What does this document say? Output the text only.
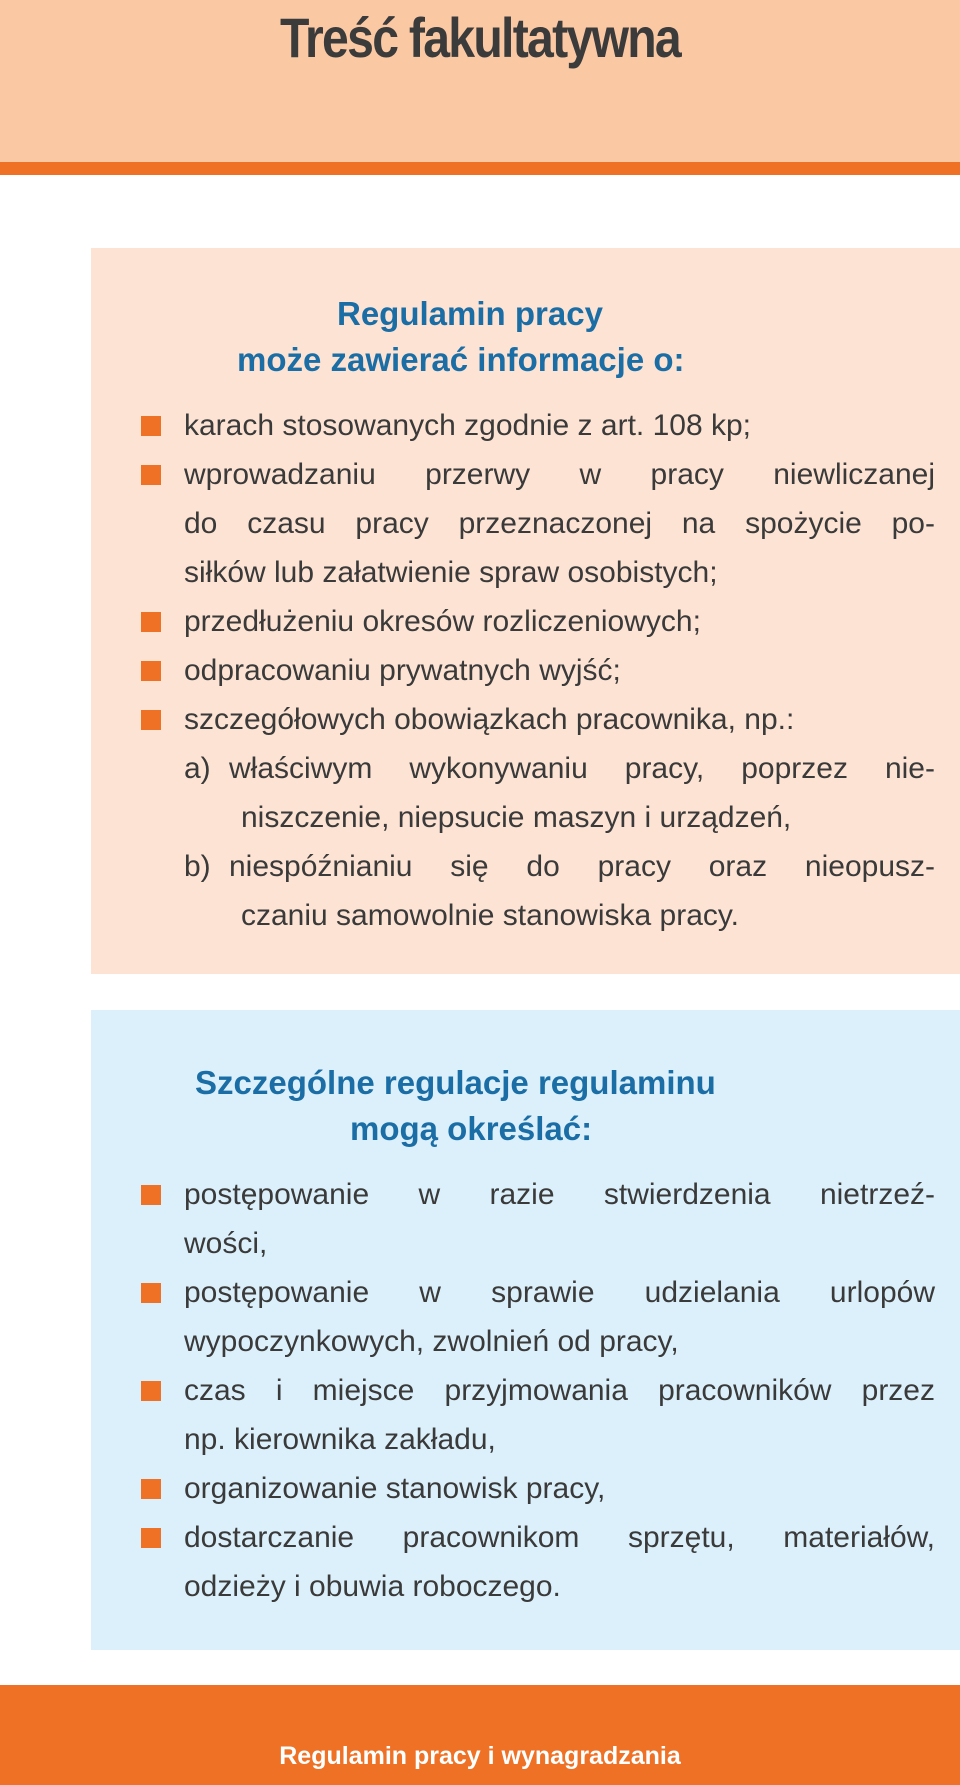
Treść fakultatywna
Regulamin pracy
może zawierać informacje o:
karach stosowanych zgodnie z art. 108 kp;
wprowadzaniu przerwy w pracy niewliczanej
do czasu pracy przeznaczonej na spożycie po-
siłków lub załatwienie spraw osobistych;
przedłużeniu okresów rozliczeniowych;
odpracowaniu prywatnych wyjść;
szczegółowych obowiązkach pracownika, np.:
a) właściwym wykonywaniu pracy, poprzez nie-
niszczenie, niepsucie maszyn i urządzeń,
b) niespóźnianiu się do pracy oraz nieopusz-
czaniu samowolnie stanowiska pracy.
Szczególne regulacje regulaminu
mogą określać:
postępowanie w razie stwierdzenia nietrzeź-
wości,
postępowanie w sprawie udzielania urlopów
wypoczynkowych, zwolnień od pracy,
czas i miejsce przyjmowania pracowników przez
np. kierownika zakładu,
organizowanie stanowisk pracy,
dostarczanie pracownikom sprzętu, materiałów,
odzieży i obuwia roboczego.
Regulamin pracy i wynagradzania
